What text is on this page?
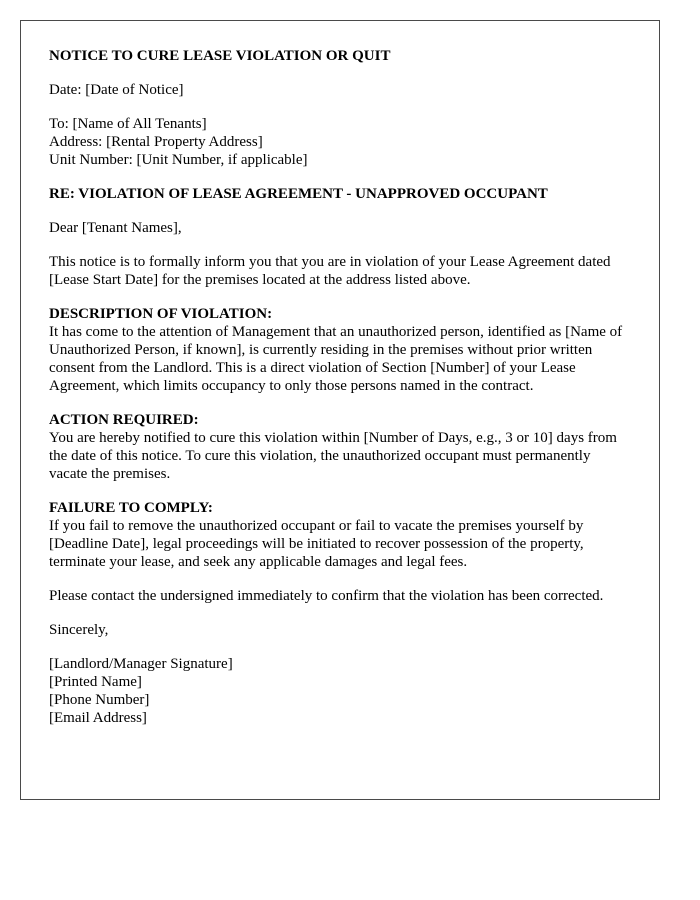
NOTICE TO CURE LEASE VIOLATION OR QUIT

Date: [Date of Notice]

To: [Name of All Tenants]
Address: [Rental Property Address]
Unit Number: [Unit Number, if applicable]

RE: VIOLATION OF LEASE AGREEMENT - UNAPPROVED OCCUPANT

Dear [Tenant Names],

This notice is to formally inform you that you are in violation of your Lease Agreement dated [Lease Start Date] for the premises located at the address listed above.

DESCRIPTION OF VIOLATION:
It has come to the attention of Management that an unauthorized person, identified as [Name of Unauthorized Person, if known], is currently residing in the premises without prior written consent from the Landlord. This is a direct violation of Section [Number] of your Lease Agreement, which limits occupancy to only those persons named in the contract.

ACTION REQUIRED:
You are hereby notified to cure this violation within [Number of Days, e.g., 3 or 10] days from the date of this notice. To cure this violation, the unauthorized occupant must permanently vacate the premises.

FAILURE TO COMPLY:
If you fail to remove the unauthorized occupant or fail to vacate the premises yourself by [Deadline Date], legal proceedings will be initiated to recover possession of the property, terminate your lease, and seek any applicable damages and legal fees.

Please contact the undersigned immediately to confirm that the violation has been corrected.

Sincerely,

[Landlord/Manager Signature]
[Printed Name]
[Phone Number]
[Email Address]
